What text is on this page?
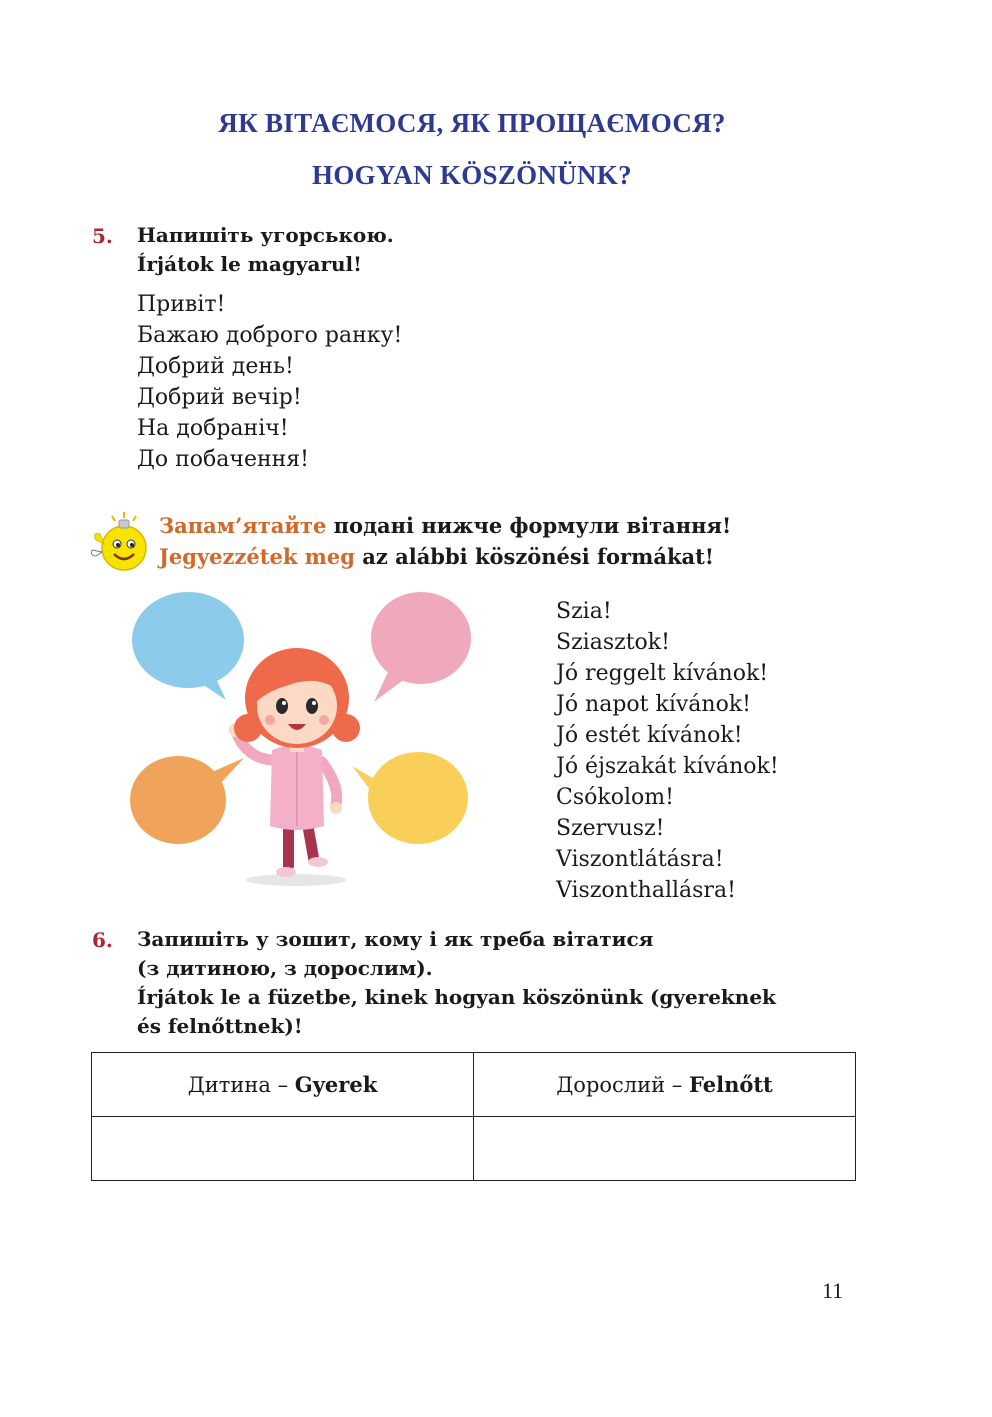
ЯК ВІТАЄМОСЯ, ЯК ПРОЩАЄМОСЯ?
HOGYAN KÖSZÖNÜNK?
5. Напишіть угорською.
Írjátok le magyarul!
Привіт!
Бажаю доброго ранку!
Добрий день!
Добрий вечір!
На добраніч!
До побачення!
Запам’ятайте подані нижче формули вітання!
Jegyezzétek meg az alábbi köszönési formákat!
Szia!
Sziasztok!
Jó reggelt kívánok!
Jó napot kívánok!
Jó estét kívánok!
Jó éjszakát kívánok!
Csókolom!
Szervusz!
Viszontlátásra!
Viszonthallásra!
6. Запишіть у зошит, кому і як треба вітатися
(з дитиною, з дорослим).
Írjátok le a füzetbe, kinek hogyan köszönünk (gyereknek
és felnőttnek)!
Дитина – Gyerek	Дорослий – Felnőtt

11
